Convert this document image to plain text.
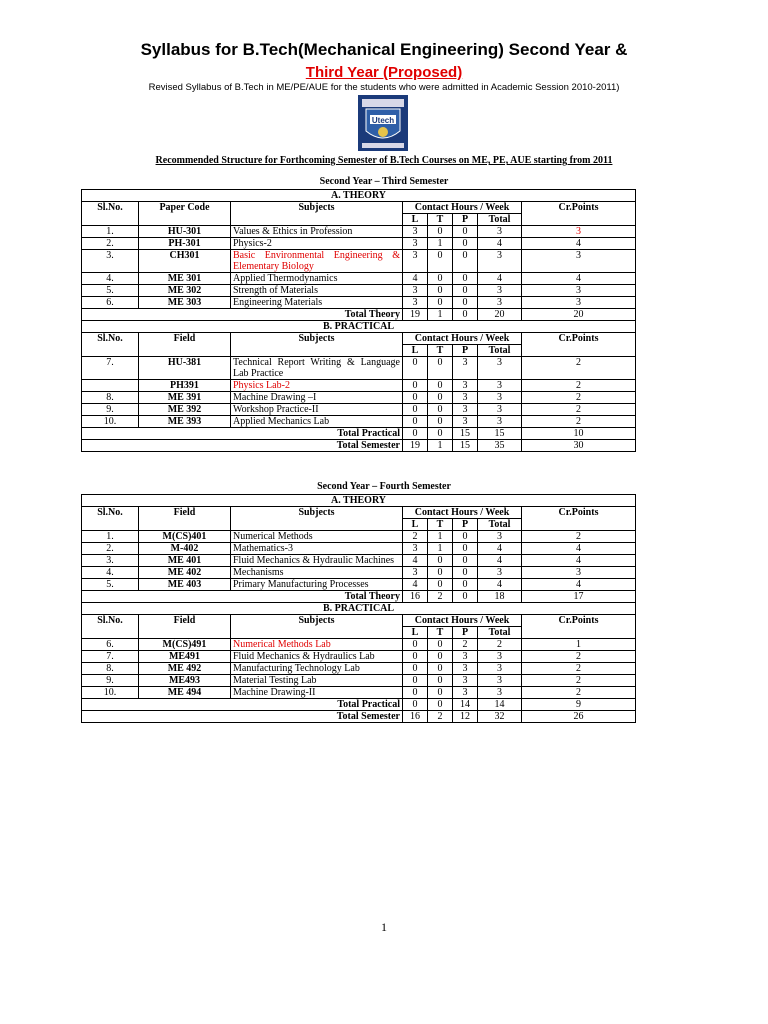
Syllabus for B.Tech(Mechanical Engineering) Second Year &
Third Year (Proposed)
Revised Syllabus of B.Tech in ME/PE/AUE for the students who were admitted in Academic Session 2010-2011)
Utech
Recommended Structure for Forthcoming Semester of B.Tech Courses on ME, PE, AUE starting from 2011
Second Year – Third Semester
A. THEORY							
Sl.No.	Paper Code	Subjects	Contact Hours / Week				Cr.Points
			L	T	P	Total	
1.	HU-301	Values & Ethics in Profession	3	0	0	3	3
2.	PH-301	Physics-2	3	1	0	4	4
3.	CH301	Basic Environmental Engineering & Elementary Biology	3	0	0	3	3
4.	ME 301	Applied Thermodynamics	4	0	0	4	4
5.	ME 302	Strength of Materials	3	0	0	3	3
6.	ME 303	Engineering Materials	3	0	0	3	3
Total Theory			19	1	0	20	20
B. PRACTICAL							
Sl.No.	Field	Subjects	Contact Hours / Week				Cr.Points
			L	T	P	Total	
7.	HU-381	Technical Report Writing & Language Lab Practice	0	0	3	3	2
	PH391	Physics Lab-2	0	0	3	3	2
8.	ME 391	Machine Drawing –I	0	0	3	3	2
9.	ME 392	Workshop Practice-II	0	0	3	3	2
10.	ME 393	Applied Mechanics Lab	0	0	3	3	2
Total Practical			0	0	15	15	10
Total Semester			19	1	15	35	30
Second Year – Fourth Semester
A. THEORY							
Sl.No.	Field	Subjects	Contact Hours / Week				Cr.Points
			L	T	P	Total	
1.	M(CS)401	Numerical Methods	2	1	0	3	2
2.	M-402	Mathematics-3	3	1	0	4	4
3.	ME 401	Fluid Mechanics & Hydraulic Machines	4	0	0	4	4
4.	ME 402	Mechanisms	3	0	0	3	3
5.	ME 403	Primary Manufacturing Processes	4	0	0	4	4
Total Theory			16	2	0	18	17
B. PRACTICAL							
Sl.No.	Field	Subjects	Contact Hours / Week				Cr.Points
			L	T	P	Total	
6.	M(CS)491	Numerical Methods Lab	0	0	2	2	1
7.	ME491	Fluid Mechanics & Hydraulics Lab	0	0	3	3	2
8.	ME 492	Manufacturing Technology Lab	0	0	3	3	2
9.	ME493	Material Testing Lab	0	0	3	3	2
10.	ME 494	Machine Drawing-II	0	0	3	3	2
Total Practical			0	0	14	14	9
Total Semester			16	2	12	32	26
1
